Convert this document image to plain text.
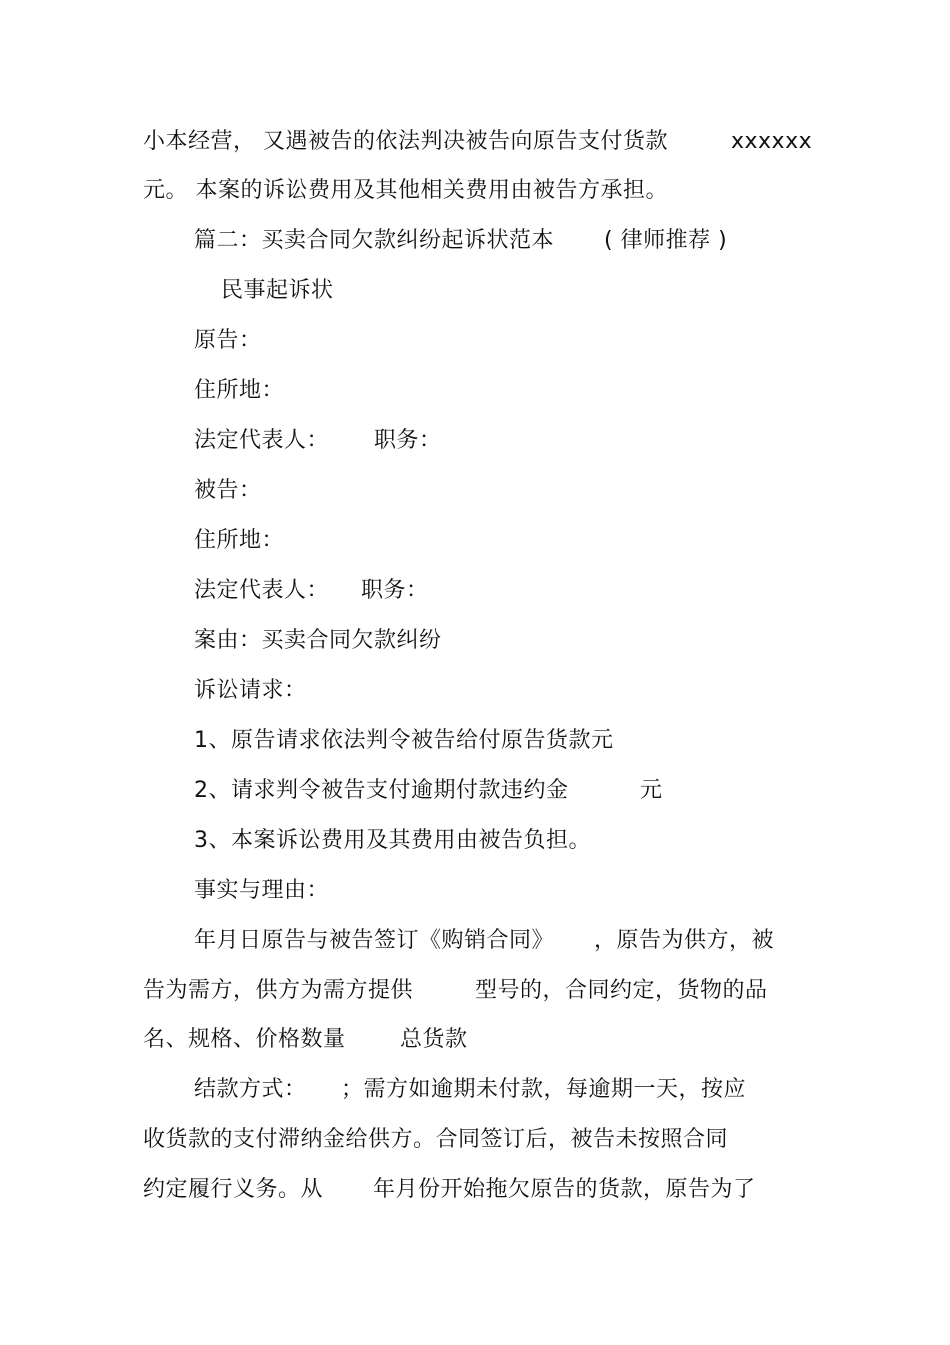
小本经营， 又遇被告的依法判决被告向原告支付货款	xxxxxx
元。 本案的诉讼费用及其他相关费用由被告方承担。
篇二：买卖合同欠款纠纷起诉状范本 ( 律师推荐 )
民事起诉状
原告：
住所地：
法定代表人： 职务：
被告：
住所地：
法定代表人： 职务：
案由：买卖合同欠款纠纷
诉讼请求：
1、原告请求依法判令被告给付原告货款元
2、请求判令被告支付逾期付款违约金	元
3、本案诉讼费用及其费用由被告负担。
事实与理由：
年月日原告与被告签订《购销合同》 ，原告为供方，被
告为需方，供方为需方提供	型号的，合同约定，货物的品
名、规格、价格数量 总货款
结款方式： ；需方如逾期未付款，每逾期一天，按应
收货款的支付滞纳金给供方。合同签订后，被告未按照合同
约定履行义务。从 年月份开始拖欠原告的货款，原告为了
